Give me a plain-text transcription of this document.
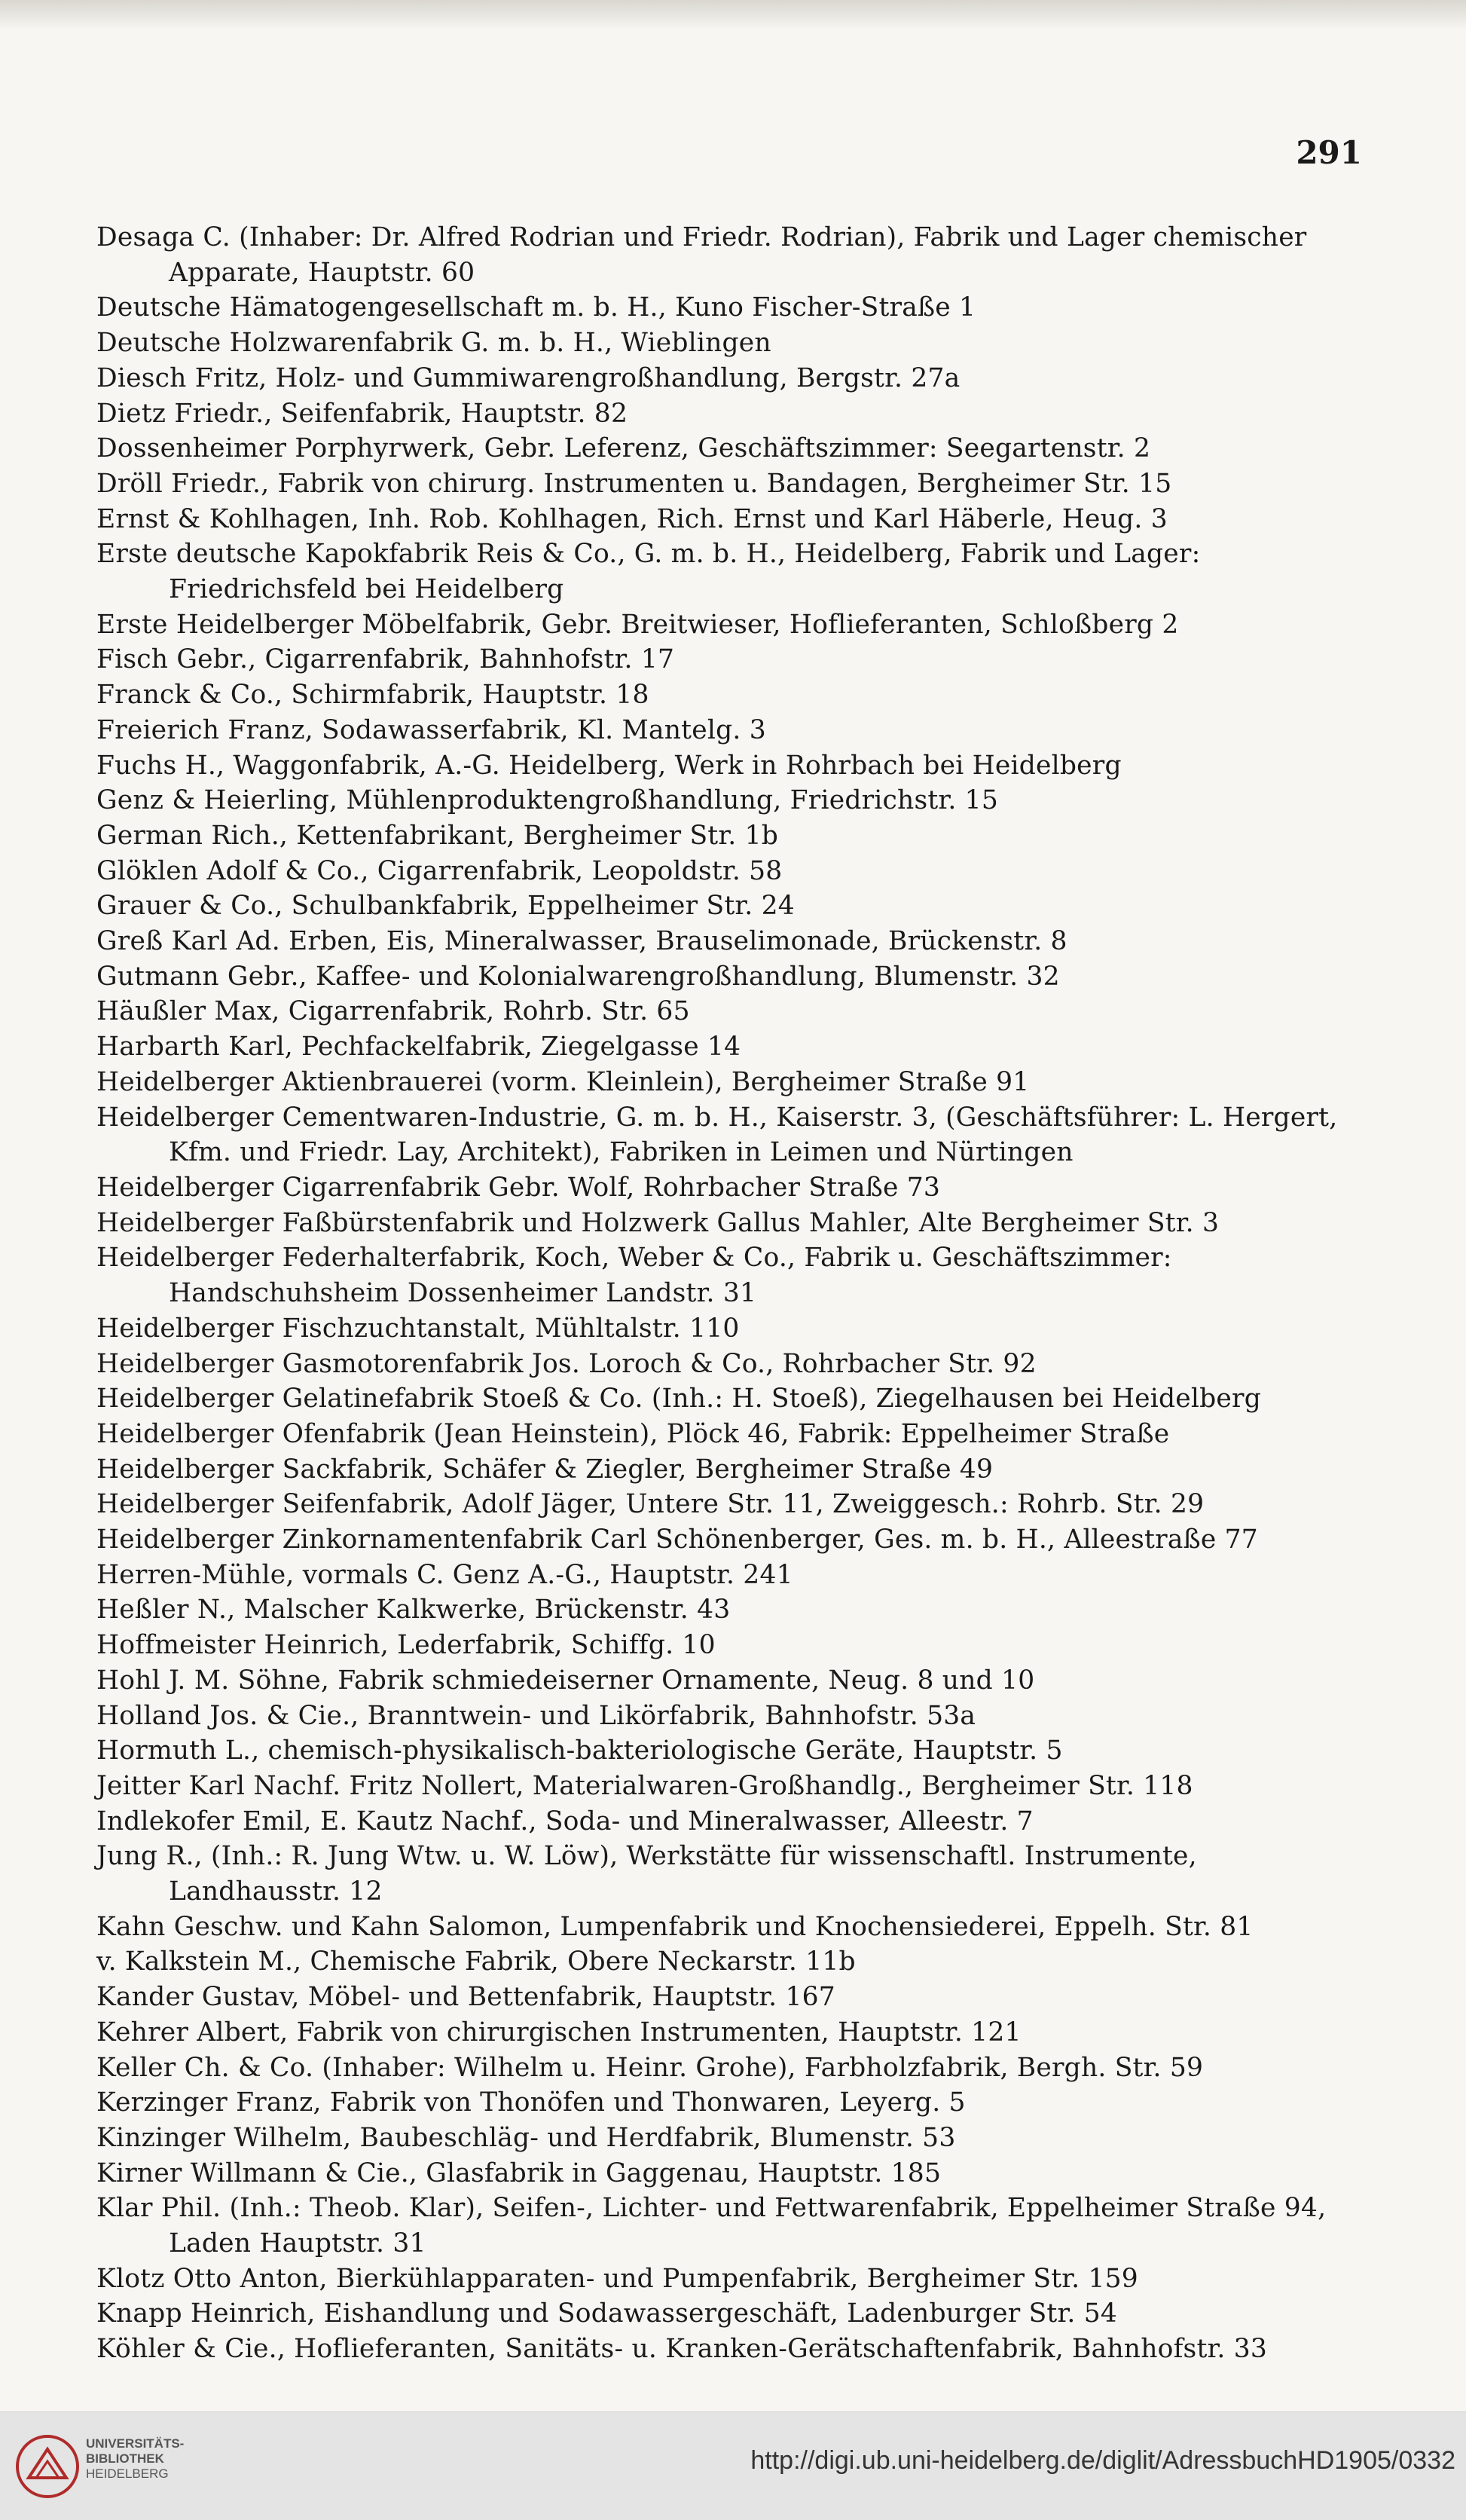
291
Desaga C. (Inhaber: Dr. Alfred Rodrian und Friedr. Rodrian), Fabrik und Lager chemischer Apparate, Hauptstr. 60
Deutsche Hämatogengesellschaft m. b. H., Kuno Fischer-Straße 1
Deutsche Holzwarenfabrik G. m. b. H., Wieblingen
Diesch Fritz, Holz- und Gummiwarengroßhandlung, Bergstr. 27a
Dietz Friedr., Seifenfabrik, Hauptstr. 82
Dossenheimer Porphyrwerk, Gebr. Leferenz, Geschäftszimmer: Seegartenstr. 2
Dröll Friedr., Fabrik von chirurg. Instrumenten u. Bandagen, Bergheimer Str. 15
Ernst & Kohlhagen, Inh. Rob. Kohlhagen, Rich. Ernst und Karl Häberle, Heug. 3
Erste deutsche Kapokfabrik Reis & Co., G. m. b. H., Heidelberg, Fabrik und Lager: Friedrichsfeld bei Heidelberg
Erste Heidelberger Möbelfabrik, Gebr. Breitwieser, Hoflieferanten, Schloßberg 2
Fisch Gebr., Cigarrenfabrik, Bahnhofstr. 17
Franck & Co., Schirmfabrik, Hauptstr. 18
Freierich Franz, Sodawasserfabrik, Kl. Mantelg. 3
Fuchs H., Waggonfabrik, A.-G. Heidelberg, Werk in Rohrbach bei Heidelberg
Genz & Heierling, Mühlenproduktengroßhandlung, Friedrichstr. 15
German Rich., Kettenfabrikant, Bergheimer Str. 1b
Glöklen Adolf & Co., Cigarrenfabrik, Leopoldstr. 58
Grauer & Co., Schulbankfabrik, Eppelheimer Str. 24
Greß Karl Ad. Erben, Eis, Mineralwasser, Brauselimonade, Brückenstr. 8
Gutmann Gebr., Kaffee- und Kolonialwarengroßhandlung, Blumenstr. 32
Häußler Max, Cigarrenfabrik, Rohrb. Str. 65
Harbarth Karl, Pechfackelfabrik, Ziegelgasse 14
Heidelberger Aktienbrauerei (vorm. Kleinlein), Bergheimer Straße 91
Heidelberger Cementwaren-Industrie, G. m. b. H., Kaiserstr. 3, (Geschäftsführer: L. Hergert, Kfm. und Friedr. Lay, Architekt), Fabriken in Leimen und Nürtingen
Heidelberger Cigarrenfabrik Gebr. Wolf, Rohrbacher Straße 73
Heidelberger Faßbürstenfabrik und Holzwerk Gallus Mahler, Alte Bergheimer Str. 3
Heidelberger Federhalterfabrik, Koch, Weber & Co., Fabrik u. Geschäftszimmer: Handschuhsheim Dossenheimer Landstr. 31
Heidelberger Fischzuchtanstalt, Mühltalstr. 110
Heidelberger Gasmotorenfabrik Jos. Loroch & Co., Rohrbacher Str. 92
Heidelberger Gelatinefabrik Stoeß & Co. (Inh.: H. Stoeß), Ziegelhausen bei Heidelberg
Heidelberger Ofenfabrik (Jean Heinstein), Plöck 46, Fabrik: Eppelheimer Straße
Heidelberger Sackfabrik, Schäfer & Ziegler, Bergheimer Straße 49
Heidelberger Seifenfabrik, Adolf Jäger, Untere Str. 11, Zweiggesch.: Rohrb. Str. 29
Heidelberger Zinkornamentenfabrik Carl Schönenberger, Ges. m. b. H., Alleestraße 77
Herren-Mühle, vormals C. Genz A.-G., Hauptstr. 241
Heßler N., Malscher Kalkwerke, Brückenstr. 43
Hoffmeister Heinrich, Lederfabrik, Schiffg. 10
Hohl J. M. Söhne, Fabrik schmiedeiserner Ornamente, Neug. 8 und 10
Holland Jos. & Cie., Branntwein- und Likörfabrik, Bahnhofstr. 53a
Hormuth L., chemisch-physikalisch-bakteriologische Geräte, Hauptstr. 5
Jeitter Karl Nachf. Fritz Nollert, Materialwaren-Großhandlg., Bergheimer Str. 118
Indlekofer Emil, E. Kautz Nachf., Soda- und Mineralwasser, Alleestr. 7
Jung R., (Inh.: R. Jung Wtw. u. W. Löw), Werkstätte für wissenschaftl. Instrumente, Landhausstr. 12
Kahn Geschw. und Kahn Salomon, Lumpenfabrik und Knochensiederei, Eppelh. Str. 81
v. Kalkstein M., Chemische Fabrik, Obere Neckarstr. 11b
Kander Gustav, Möbel- und Bettenfabrik, Hauptstr. 167
Kehrer Albert, Fabrik von chirurgischen Instrumenten, Hauptstr. 121
Keller Ch. & Co. (Inhaber: Wilhelm u. Heinr. Grohe), Farbholzfabrik, Bergh. Str. 59
Kerzinger Franz, Fabrik von Thonöfen und Thonwaren, Leyerg. 5
Kinzinger Wilhelm, Baubeschläg- und Herdfabrik, Blumenstr. 53
Kirner Willmann & Cie., Glasfabrik in Gaggenau, Hauptstr. 185
Klar Phil. (Inh.: Theob. Klar), Seifen-, Lichter- und Fettwarenfabrik, Eppelheimer Straße 94, Laden Hauptstr. 31
Klotz Otto Anton, Bierkühlapparaten- und Pumpenfabrik, Bergheimer Str. 159
Knapp Heinrich, Eishandlung und Sodawassergeschäft, Ladenburger Str. 54
Köhler & Cie., Hoflieferanten, Sanitäts- u. Kranken-Gerätschaftenfabrik, Bahnhofstr. 33
UNIVERSITÄTS-
BIBLIOTHEK
HEIDELBERG	http://digi.ub.uni-heidelberg.de/diglit/AdressbuchHD1905/0332
